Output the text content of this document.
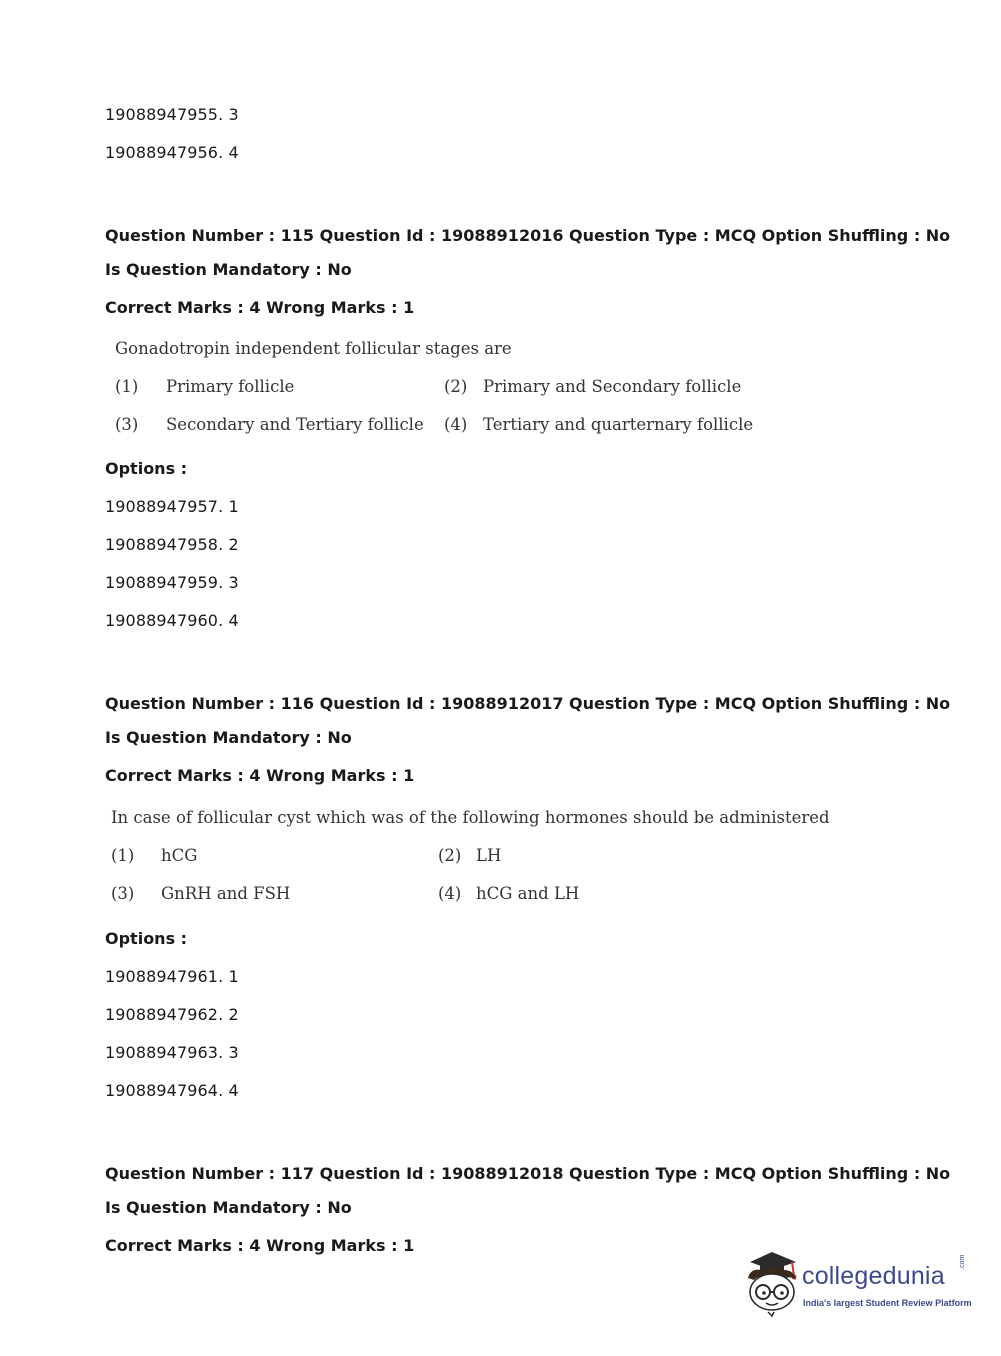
19088947955. 3
19088947956. 4
Question Number : 115 Question Id : 19088912016 Question Type : MCQ Option Shuffling : No
Is Question Mandatory : No
Correct Marks : 4 Wrong Marks : 1
Gonadotropin independent follicular stages are
(1) Primary follicle	(2) Primary and Secondary follicle
(3) Secondary and Tertiary follicle (4) Tertiary and quarternary follicle
Options :
19088947957. 1
19088947958. 2
19088947959. 3
19088947960. 4
Question Number : 116 Question Id : 19088912017 Question Type : MCQ Option Shuffling : No
Is Question Mandatory : No
Correct Marks : 4 Wrong Marks : 1
In case of follicular cyst which was of the following hormones should be administered
(1) hCG	(2) LH
(3) GnRH and FSH	(4) hCG and LH
Options :
19088947961. 1
19088947962. 2
19088947963. 3
19088947964. 4
Question Number : 117 Question Id : 19088912018 Question Type : MCQ Option Shuffling : No
Is Question Mandatory : No
Correct Marks : 4 Wrong Marks : 1
collegedunia .com
India's largest Student Review Platform
